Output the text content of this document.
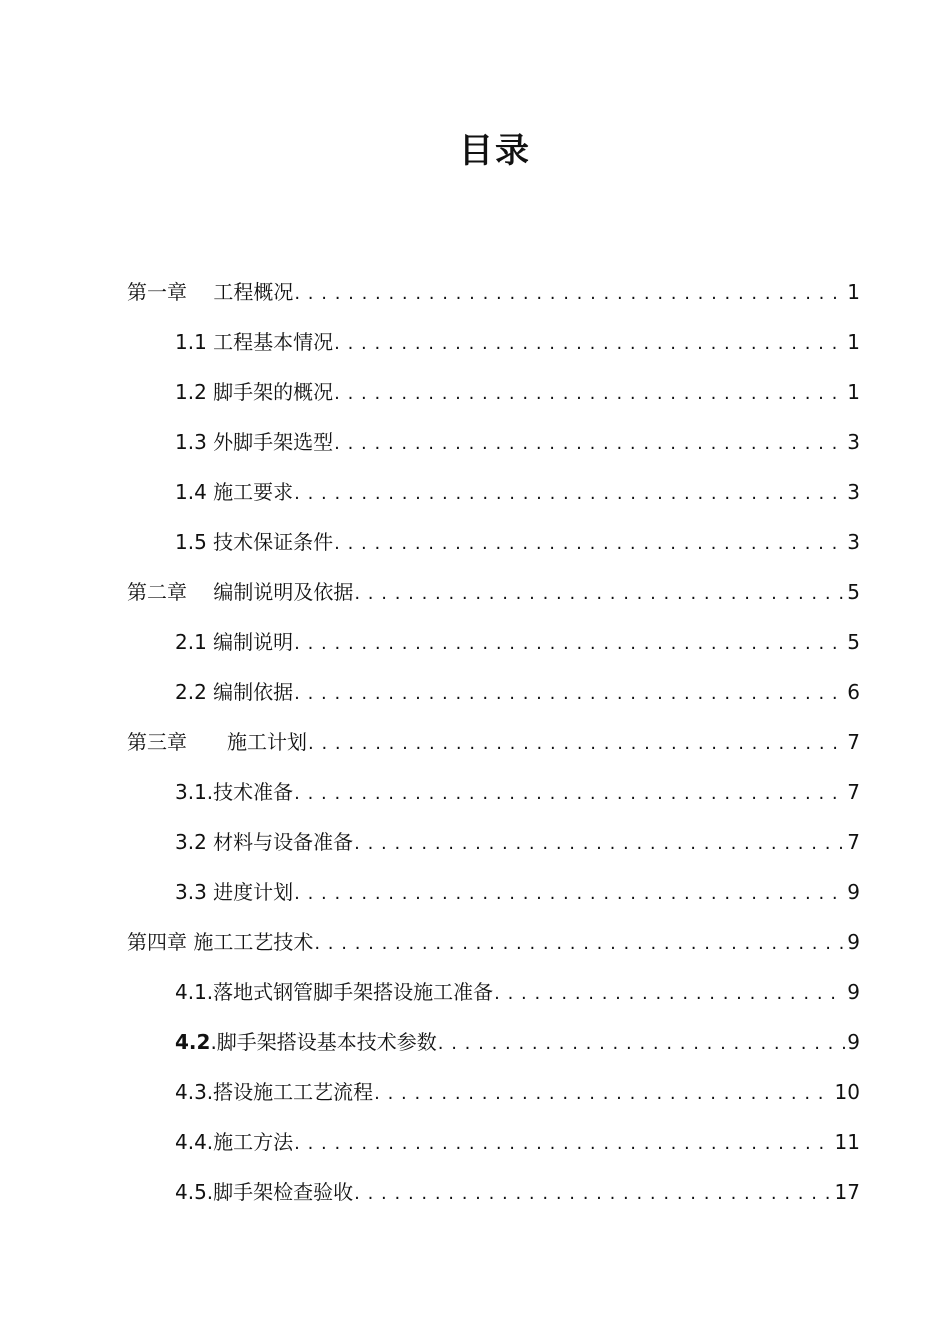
目录
第一章　 工程概况 . . .	1
1.1 工程基本情况 . . .	1
1.2 脚手架的概况 . . .	1
1.3 外脚手架选型 . . .	3
1.4 施工要求 . . .	3
1.5 技术保证条件 . . .	3
第二章　 编制说明及依据 . . .	5
2.1 编制说明 . . .	5
2.2 编制依据 . . .	6
第三章　　施工计划 . . .	7
3.1.技术准备 . . .	7
3.2 材料与设备准备 . . .	7
3.3 进度计划 . . .	9
第四章 施工工艺技术 . . .	9
4.1.落地式钢管脚手架搭设施工准备 . . .	9
4.2.脚手架搭设基本技术参数 . . .	9
4.3.搭设施工工艺流程 . . .	10
4.4.施工方法 . . .	11
4.5.脚手架检查验收 . . .	17
